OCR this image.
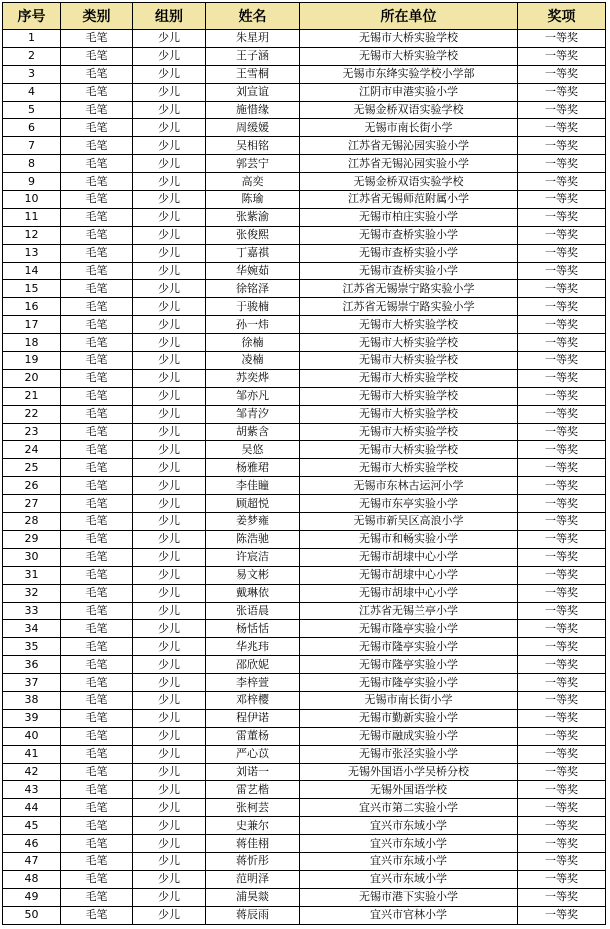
序号	类别	组别	姓名	所在单位	奖项
1	毛笔	少儿	朱星玥	无锡市大桥实验学校	一等奖
2	毛笔	少儿	王子涵	无锡市大桥实验学校	一等奖
3	毛笔	少儿	王雪桐	无锡市东绛实验学校小学部	一等奖
4	毛笔	少儿	刘宣谊	江阴市申港实验小学	一等奖
5	毛笔	少儿	施惜缘	无锡金桥双语实验学校	一等奖
6	毛笔	少儿	周缓媛	无锡市南长街小学	一等奖
7	毛笔	少儿	吴相铭	江苏省无锡沁园实验小学	一等奖
8	毛笔	少儿	郭芸宁	江苏省无锡沁园实验小学	一等奖
9	毛笔	少儿	高奕	无锡金桥双语实验学校	一等奖
10	毛笔	少儿	陈瑜	江苏省无锡师范附属小学	一等奖
11	毛笔	少儿	张紫渝	无锡市柏庄实验小学	一等奖
12	毛笔	少儿	张俊熙	无锡市查桥实验小学	一等奖
13	毛笔	少儿	丁嘉祺	无锡市查桥实验小学	一等奖
14	毛笔	少儿	华婉茹	无锡市查桥实验小学	一等奖
15	毛笔	少儿	徐铭泽	江苏省无锡崇宁路实验小学	一等奖
16	毛笔	少儿	于骏楠	江苏省无锡崇宁路实验小学	一等奖
17	毛笔	少儿	孙一炜	无锡市大桥实验学校	一等奖
18	毛笔	少儿	徐楠	无锡市大桥实验学校	一等奖
19	毛笔	少儿	凌楠	无锡市大桥实验学校	一等奖
20	毛笔	少儿	苏奕烨	无锡市大桥实验学校	一等奖
21	毛笔	少儿	邹亦凡	无锡市大桥实验学校	一等奖
22	毛笔	少儿	邹青汐	无锡市大桥实验学校	一等奖
23	毛笔	少儿	胡紫含	无锡市大桥实验学校	一等奖
24	毛笔	少儿	吴悠	无锡市大桥实验学校	一等奖
25	毛笔	少儿	杨雅珺	无锡市大桥实验学校	一等奖
26	毛笔	少儿	李佳瞳	无锡市东林古运河小学	一等奖
27	毛笔	少儿	顾超悦	无锡市东亭实验小学	一等奖
28	毛笔	少儿	姜梦雍	无锡市新吴区高浪小学	一等奖
29	毛笔	少儿	陈浩驰	无锡市和畅实验小学	一等奖
30	毛笔	少儿	许宸洁	无锡市胡埭中心小学	一等奖
31	毛笔	少儿	易文彬	无锡市胡埭中心小学	一等奖
32	毛笔	少儿	戴琳依	无锡市胡埭中心小学	一等奖
33	毛笔	少儿	张语晨	江苏省无锡兰亭小学	一等奖
34	毛笔	少儿	杨恬恬	无锡市隆亭实验小学	一等奖
35	毛笔	少儿	华兆玮	无锡市隆亭实验小学	一等奖
36	毛笔	少儿	邵欣妮	无锡市隆亭实验小学	一等奖
37	毛笔	少儿	李梓萱	无锡市隆亭实验小学	一等奖
38	毛笔	少儿	邓梓樱	无锡市南长街小学	一等奖
39	毛笔	少儿	程伊诺	无锡市勤新实验小学	一等奖
40	毛笔	少儿	雷董杨	无锡市融成实验小学	一等奖
41	毛笔	少儿	严心苡	无锡市张泾实验小学	一等奖
42	毛笔	少儿	刘诺一	无锡外国语小学吴桥分校	一等奖
43	毛笔	少儿	雷艺楷	无锡外国语学校	一等奖
44	毛笔	少儿	张柯芸	宜兴市第二实验小学	一等奖
45	毛笔	少儿	史兼尔	宜兴市东域小学	一等奖
46	毛笔	少儿	蒋佳栩	宜兴市东域小学	一等奖
47	毛笔	少儿	蒋忻彤	宜兴市东域小学	一等奖
48	毛笔	少儿	范明泽	宜兴市东域小学	一等奖
49	毛笔	少儿	浦昊燚	无锡市港下实验小学	一等奖
50	毛笔	少儿	蒋辰雨	宜兴市官林小学	一等奖
